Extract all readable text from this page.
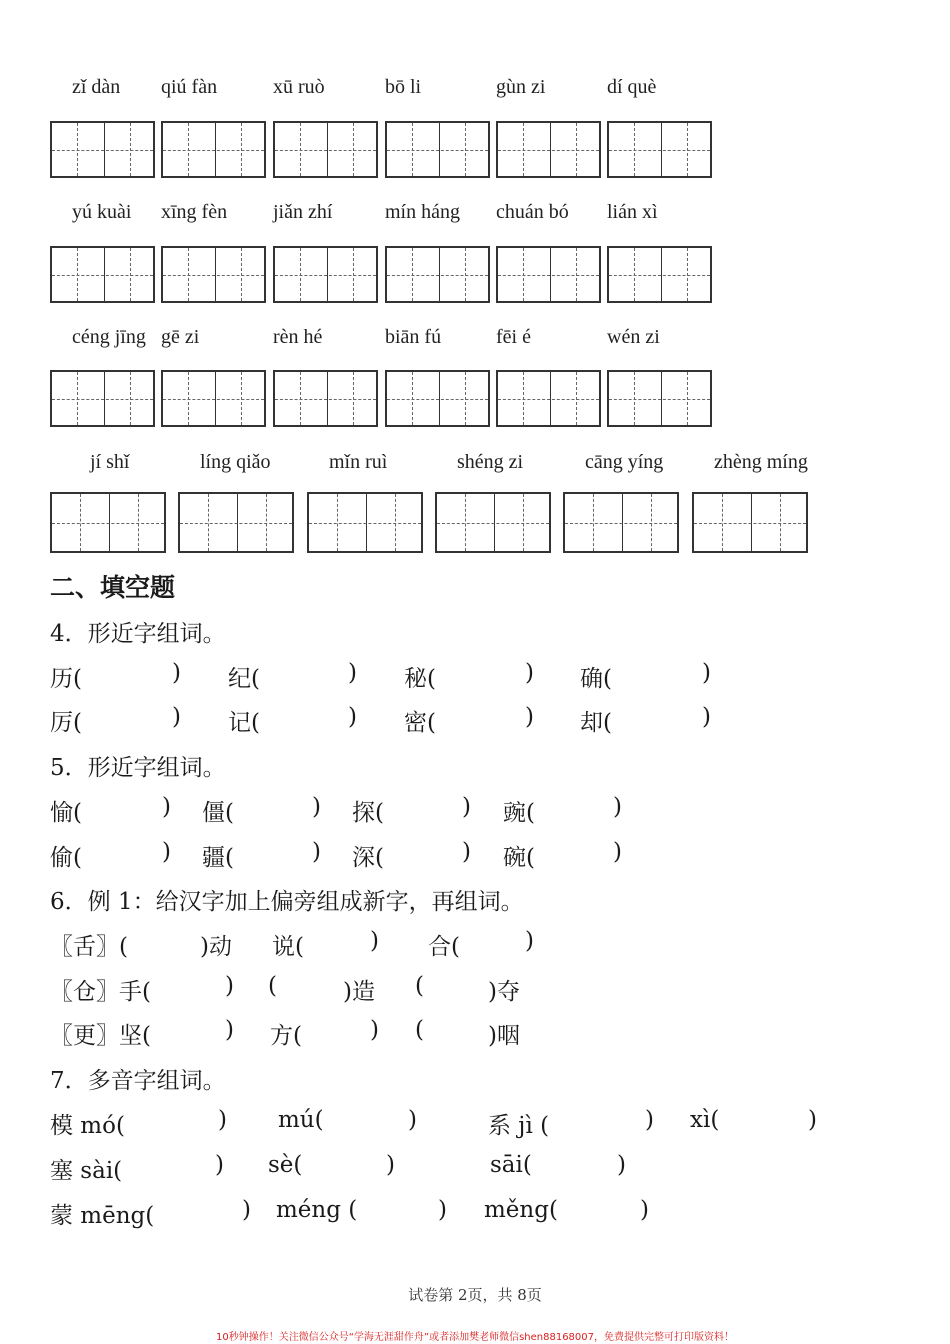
zǐ dàn qiú fàn	xū ruò	bō li	gùn zi	dí què
yú kuài xīng fèn jiǎn zhí	mín háng chuán bó lián xì
céng jīng gē zi	rèn hé	biān fú	fēi é	wén zi
jí shǐ	líng qiǎo	mǐn ruì	shéng zi	cāng yíng	zhèng míng
二、填空题
4．形近字组词。
历(	) 纪(	) 秘(	) 确(	)
厉(	) 记(	) 密(	) 却(	)
5．形近字组词。
愉(	) 僵(	) 探(	) 豌(	)
偷(	) 疆(	) 深(	) 碗(	)
6．例 1：给汉字加上偏旁组成新字，再组词。
〖舌〗(	)动 说(	) 合(	)
〖仓〗手(	) (	)造 (	)夺
〖更〗坚(	) 方(	) (	)咽
7．多音字组词。
模 mó(	) mú(	)	系 jì (	) xì(	)
塞 sài(	) sè(	)	sāi(	)
蒙 mēng(	) méng (	) měng(	)
试卷第 2页，共 8页
10秒钟操作！关注微信公众号“学海无涯甜作舟”或者添加樊老师微信shen88168007，免费提供完整可打印版资料！
